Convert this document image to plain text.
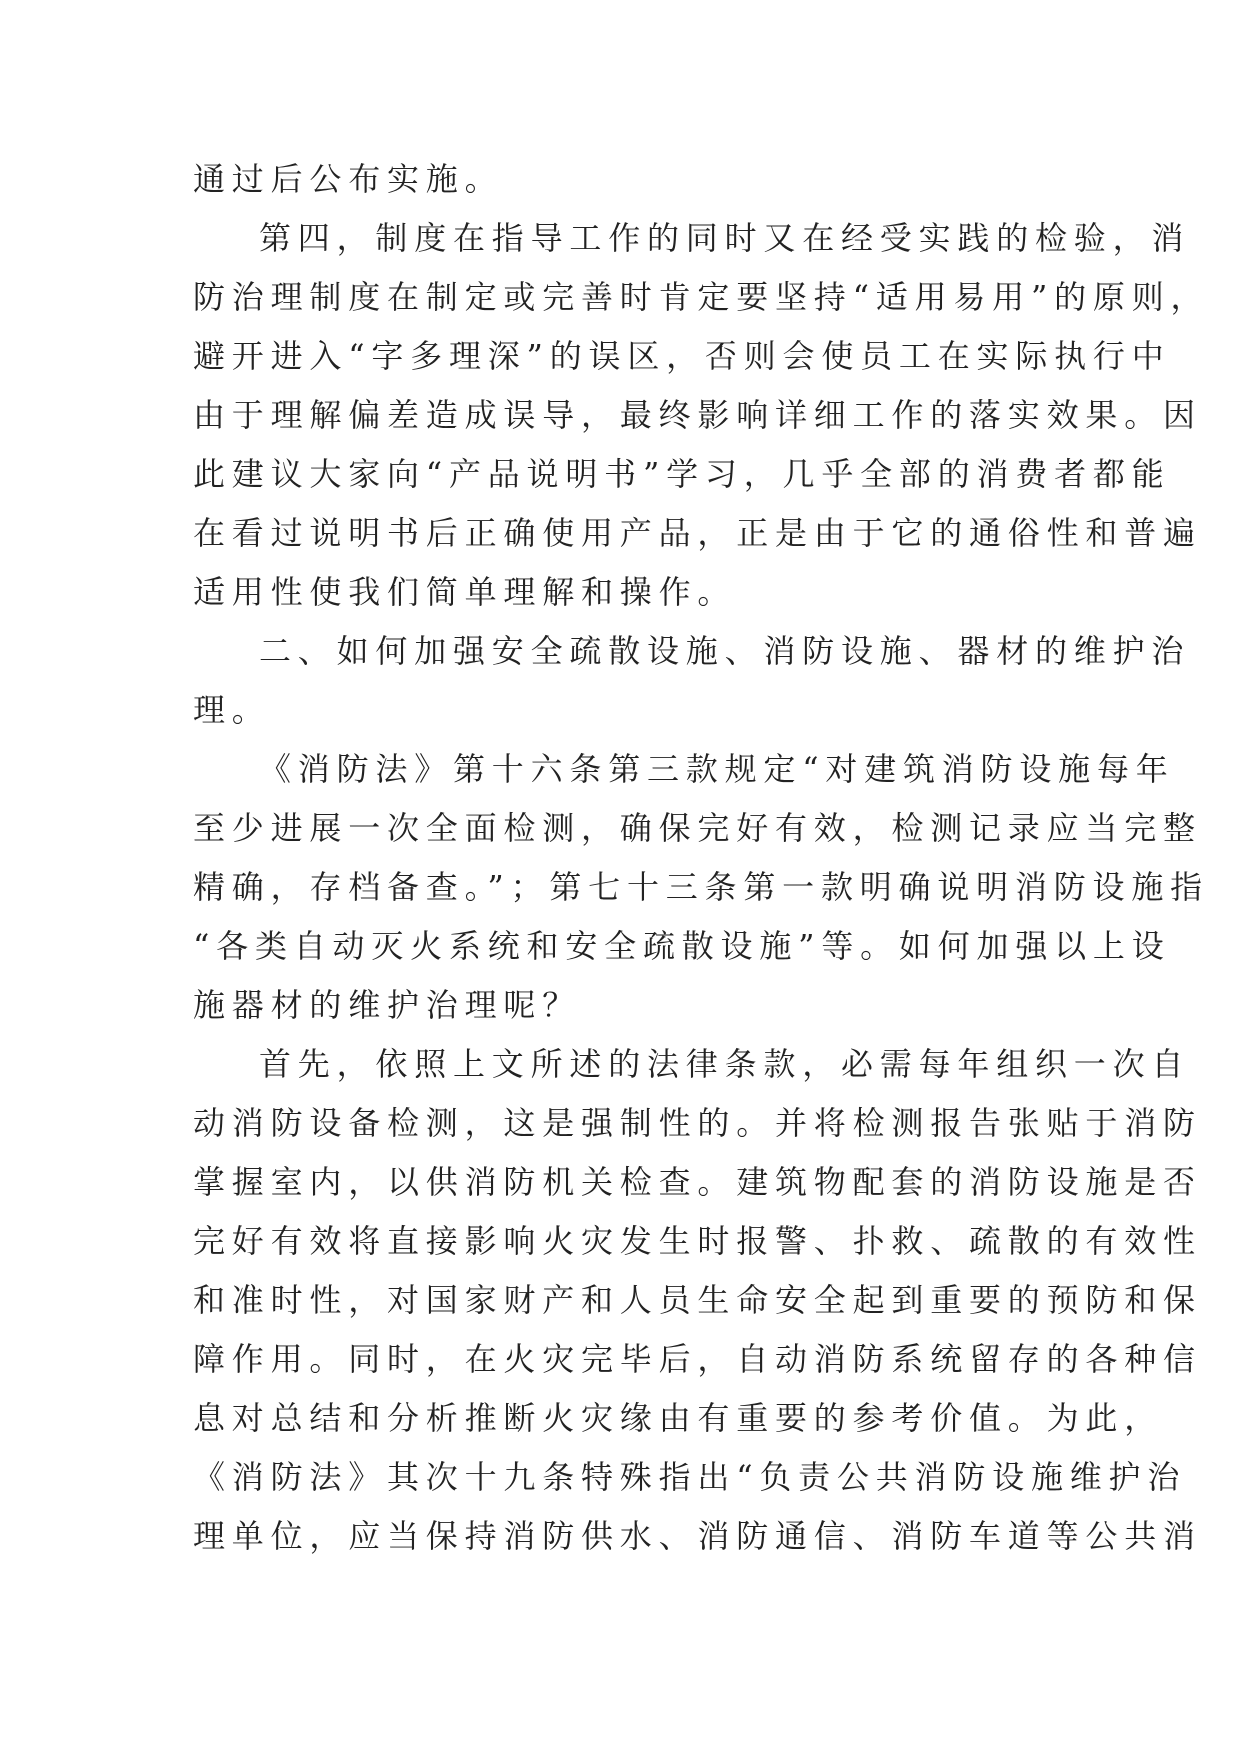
通过后公布实施。
第四，制度在指导工作的同时又在经受实践的检验，消
防治理制度在制定或完善时肯定要坚持“适用易用”的原则，
避开进入“字多理深”的误区，否则会使员工在实际执行中
由于理解偏差造成误导，最终影响详细工作的落实效果。因
此建议大家向“产品说明书”学习，几乎全部的消费者都能
在看过说明书后正确使用产品，正是由于它的通俗性和普遍
适用性使我们简单理解和操作。
二、如何加强安全疏散设施、消防设施、器材的维护治
理。
《消防法》第十六条第三款规定“对建筑消防设施每年
至少进展一次全面检测，确保完好有效，检测记录应当完整
精确，存档备查。”；第七十三条第一款明确说明消防设施指
“各类自动灭火系统和安全疏散设施”等。如何加强以上设
施器材的维护治理呢？
首先，依照上文所述的法律条款，必需每年组织一次自
动消防设备检测，这是强制性的。并将检测报告张贴于消防
掌握室内，以供消防机关检查。建筑物配套的消防设施是否
完好有效将直接影响火灾发生时报警、扑救、疏散的有效性
和准时性，对国家财产和人员生命安全起到重要的预防和保
障作用。同时，在火灾完毕后，自动消防系统留存的各种信
息对总结和分析推断火灾缘由有重要的参考价值。为此，
《消防法》其次十九条特殊指出“负责公共消防设施维护治
理单位，应当保持消防供水、消防通信、消防车道等公共消
